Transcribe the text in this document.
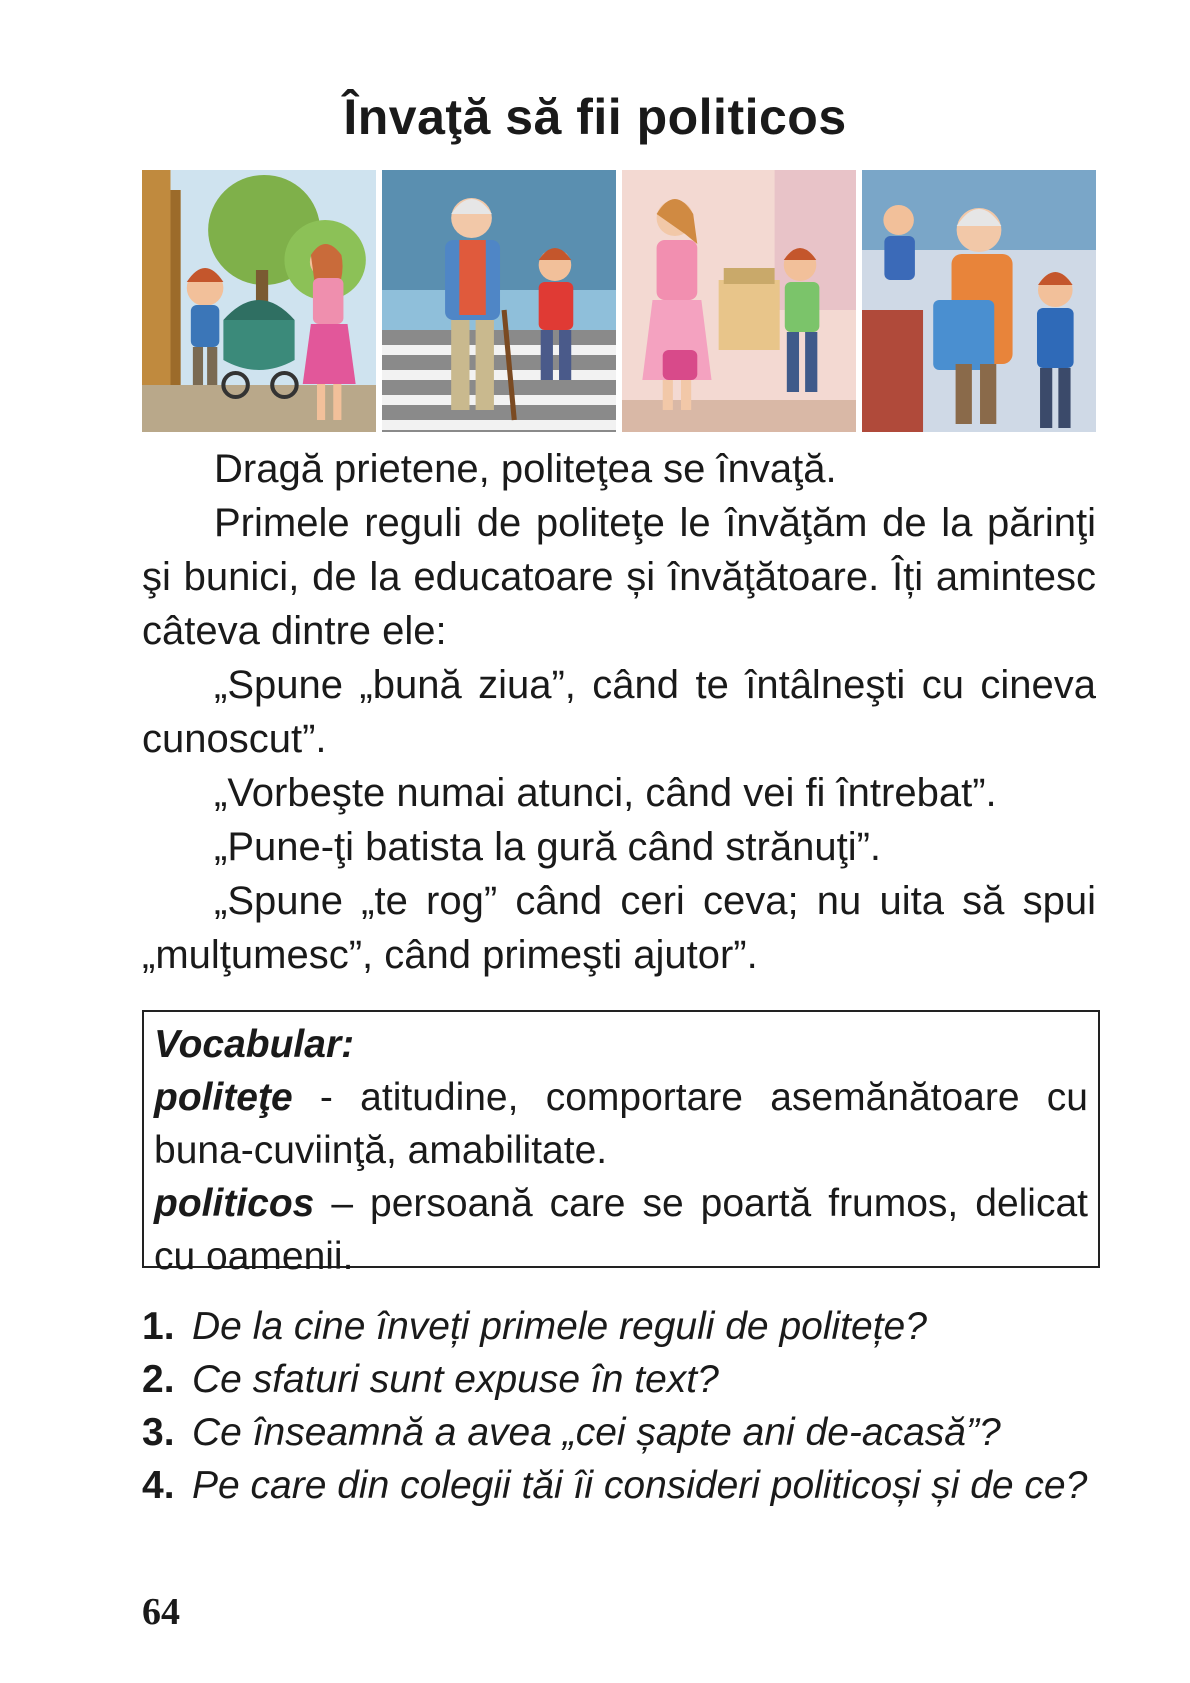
Învaţă să fii politicos

Dragă prietene, politeţea se învaţă.

Primele reguli de politeţe le învăţăm de la părinţi şi bunici, de la educatoare și învăţătoare. Îți amintesc câteva dintre ele:

„Spune „bună ziua”, când te întâlneşti cu cineva cunoscut”.

„Vorbeşte numai atunci, când vei fi întrebat”.

„Pune-ţi batista la gură când strănuţi”.

„Spune „te rog” când ceri ceva; nu uita să spui „mulţumesc”, când primeşti ajutor”.

Vocabular:
politeţe - atitudine, comportare asemănătoare cu buna-cuviinţă, amabilitate.
politicos – persoană care se poartă frumos, delicat cu oamenii.
1. De la cine înveți primele reguli de politețe?
2. Ce sfaturi sunt expuse în text?
3. Ce înseamnă a avea „cei șapte ani de-acasă”?
4. Pe care din colegii tăi îi consideri politicoși și de ce?
64
